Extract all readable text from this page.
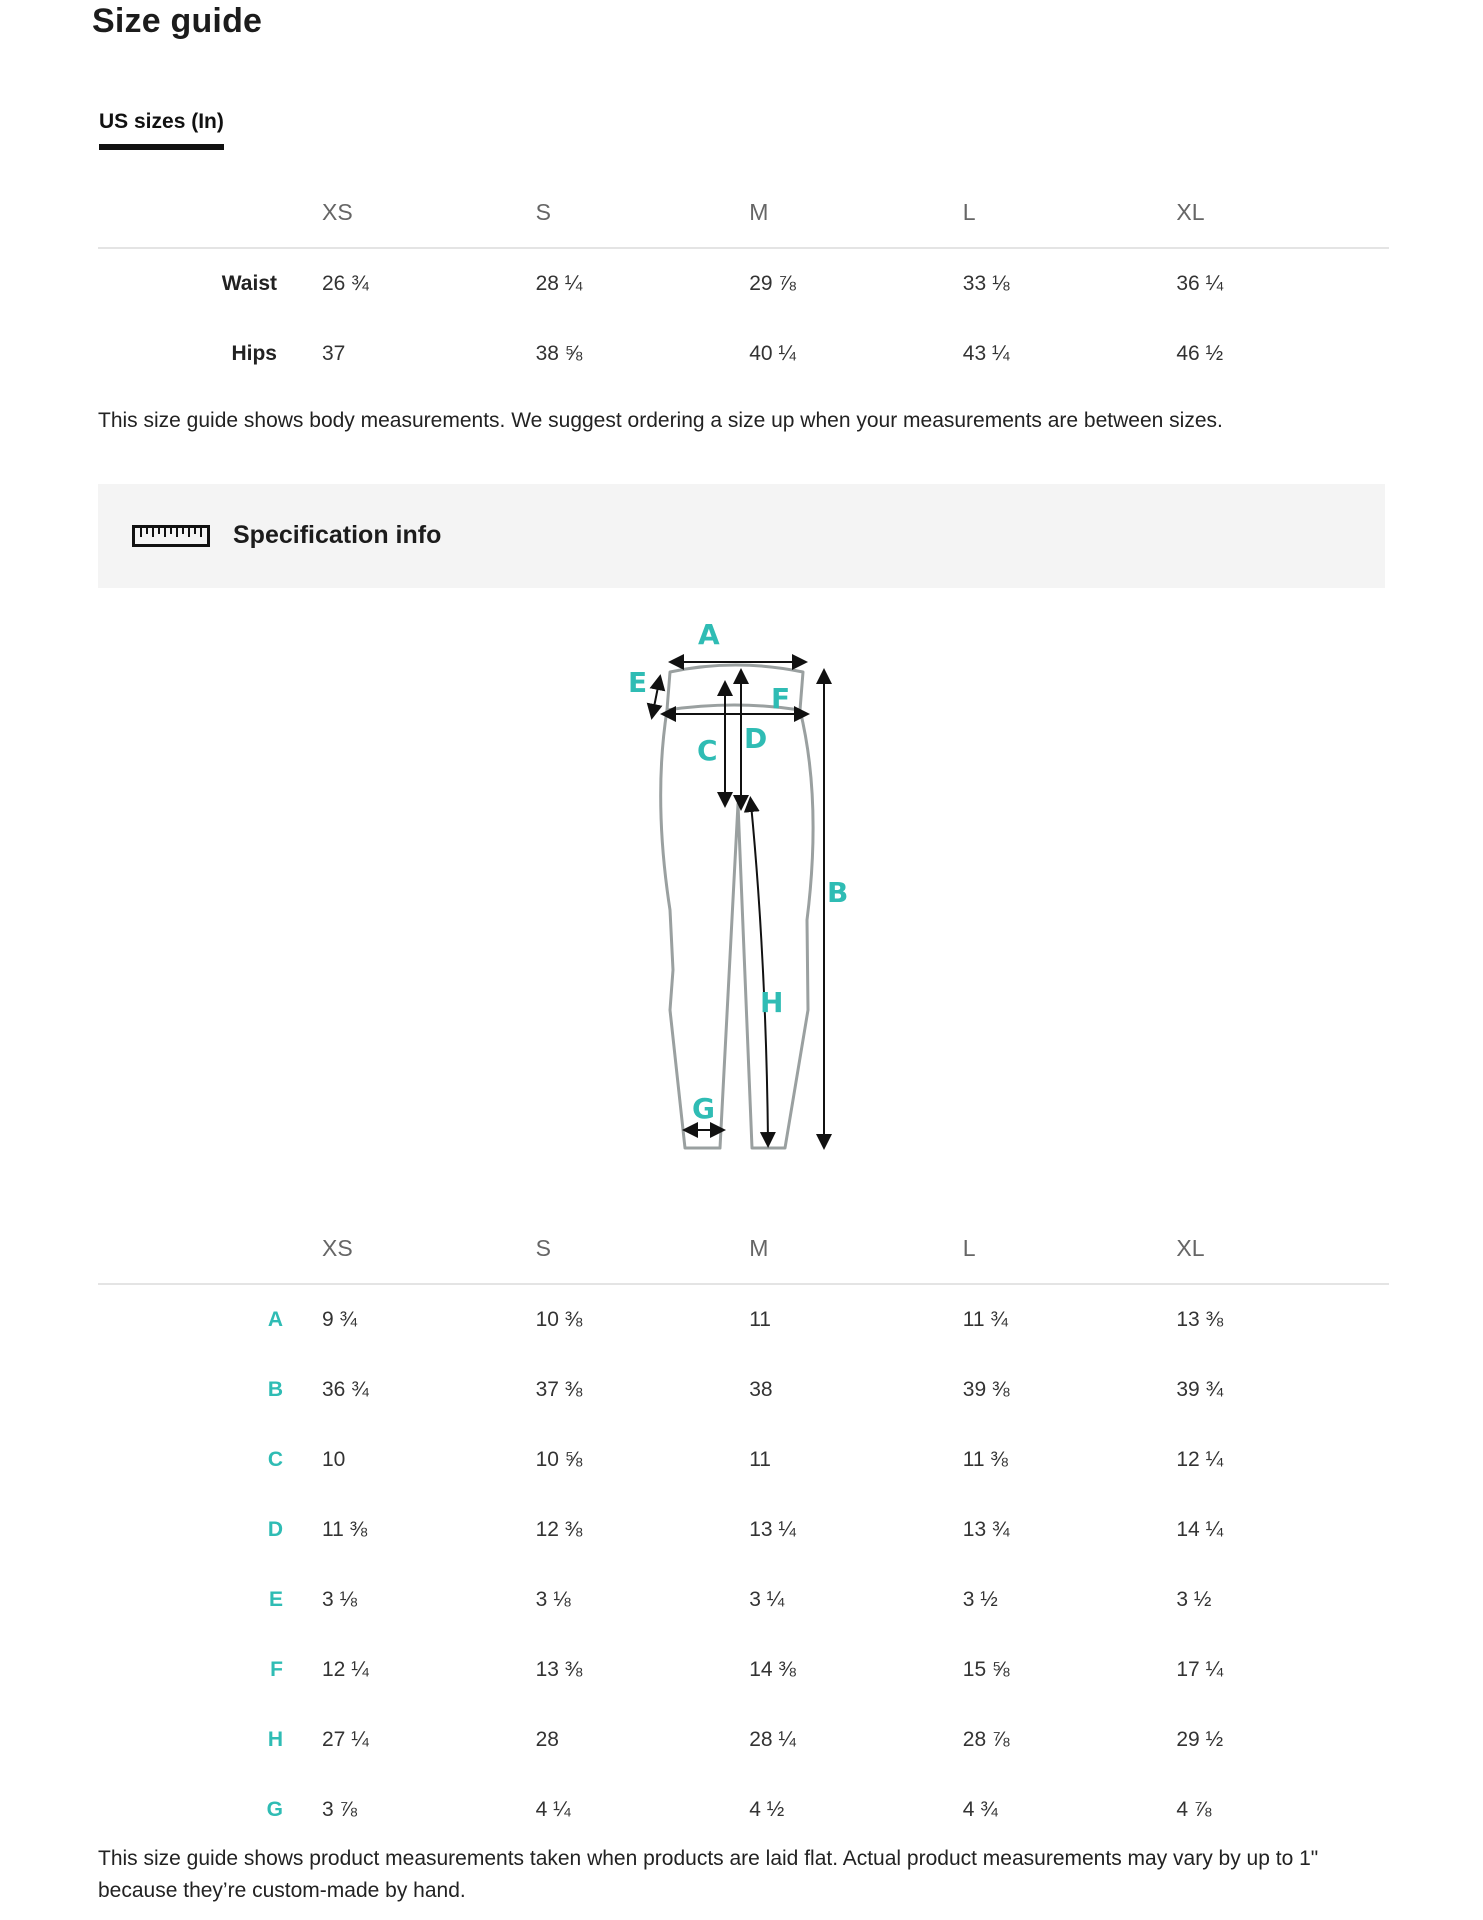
Size guide
US sizes (In)
	XS	S	M	L	XL
Waist	26 ¾	28 ¼	29 ⅞	33 ⅛	36 ¼
Hips	37	38 ⅝	40 ¼	43 ¼	46 ½
This size guide shows body measurements. We suggest ordering a size up when your measurements are between sizes.
Specification info
A
E	F
D
C
B
H
G
	XS	S	M	L	XL
A	9 ¾	10 ⅜	11	11 ¾	13 ⅜
B	36 ¾	37 ⅜	38	39 ⅜	39 ¾
C	10	10 ⅝	11	11 ⅜	12 ¼
D	11 ⅜	12 ⅜	13 ¼	13 ¾	14 ¼
E	3 ⅛	3 ⅛	3 ¼	3 ½	3 ½
F	12 ¼	13 ⅜	14 ⅜	15 ⅝	17 ¼
H	27 ¼	28	28 ¼	28 ⅞	29 ½
G	3 ⅞	4 ¼	4 ½	4 ¾	4 ⅞
This size guide shows product measurements taken when products are laid flat. Actual product measurements may vary by up to 1" because they’re custom-made by hand.
